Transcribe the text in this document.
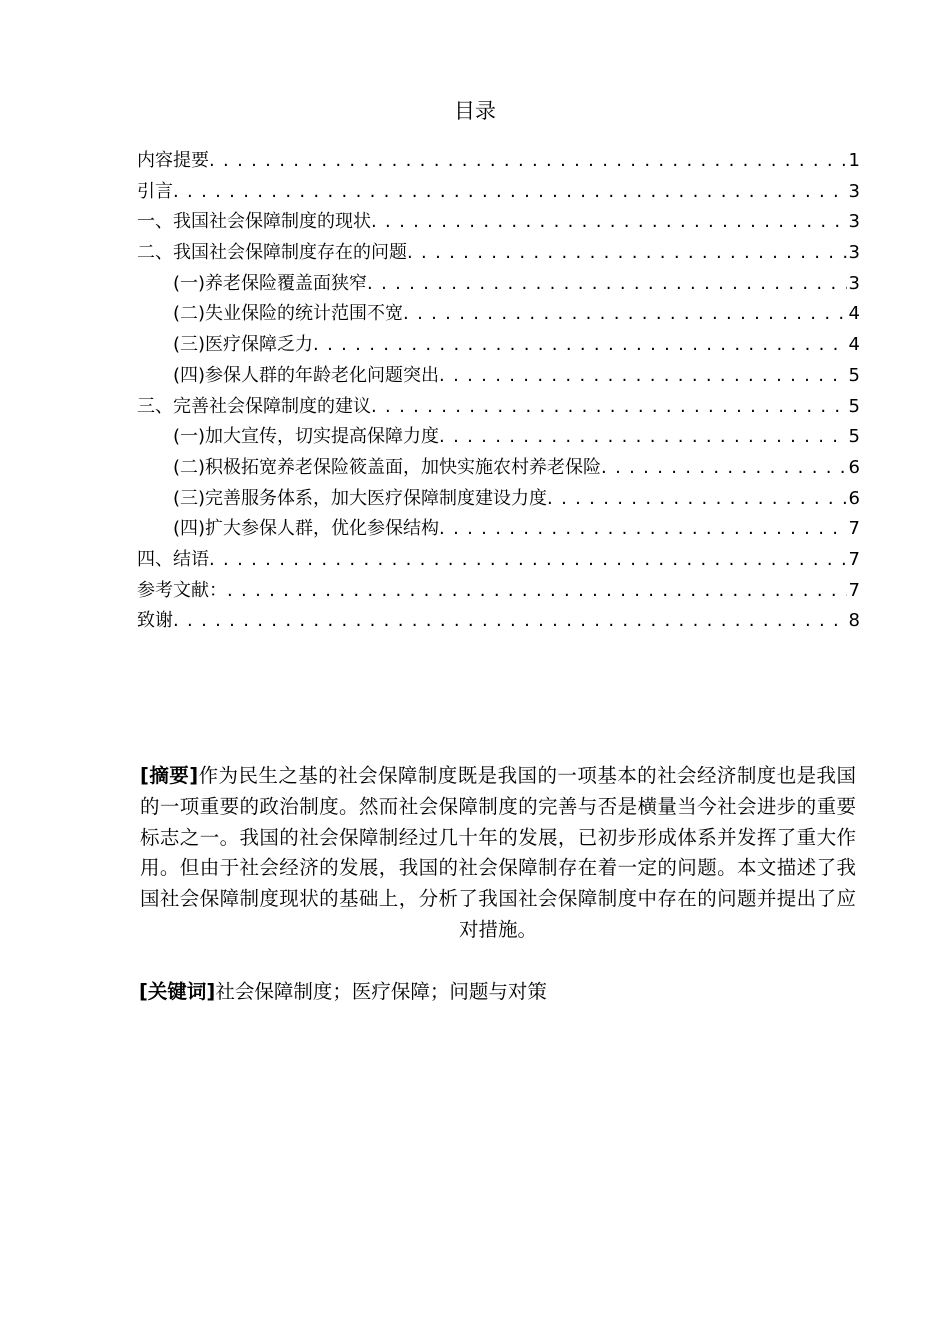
目录
内容提要 . . .	1
引言 . . .	3
一、我国社会保障制度的现状 . . .	3
二、我国社会保障制度存在的问题 . . .	3
(一)养老保险覆盖面狭窄 . . .	3
(二)失业保险的统计范围不宽 . . .	4
(三)医疗保障乏力 . . .	4
(四)参保人群的年龄老化问题突出 . . .	5
三、完善社会保障制度的建议 . . .	5
(一)加大宣传，切实提高保障力度 . . .	5
(二)积极拓宽养老保险筱盖面，加快实施农村养老保险 . . .	6
(三)完善服务体系，加大医疗保障制度建设力度 . . .	6
(四)扩大参保人群，优化参保结构 . . .	7
四、结语 . . .	7
参考文献： . . .	7
致谢 . . .	8
[摘要]作为民生之基的社会保障制度既是我国的一项基本的社会经济制度也是我国的一项重要的政治制度。然而社会保障制度的完善与否是横量当今社会进步的重要标志之一。我国的社会保障制经过几十年的发展，已初步形成体系并发挥了重大作用。但由于社会经济的发展，我国的社会保障制存在着一定的问题。本文描述了我国社会保障制度现状的基础上，分析了我国社会保障制度中存在的问题并提出了应对措施。
[关键词]社会保障制度；医疗保障；问题与对策
